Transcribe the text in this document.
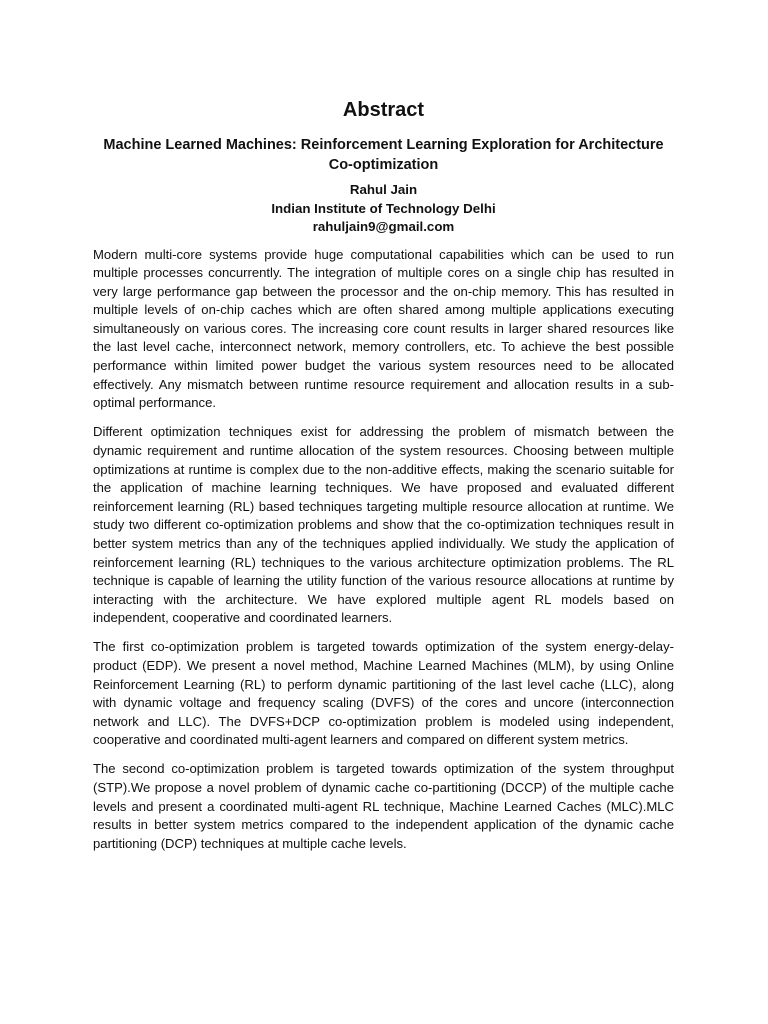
Abstract
Machine Learned Machines: Reinforcement Learning Exploration for Architecture Co-optimization
Rahul Jain
Indian Institute of Technology Delhi
rahuljain9@gmail.com

Modern multi-core systems provide huge computational capabilities which can be used to run multiple processes concurrently. The integration of multiple cores on a single chip has resulted in very large performance gap between the processor and the on-chip memory. This has resulted in multiple levels of on-chip caches which are often shared among multiple applications executing simultaneously on various cores. The increasing core count results in larger shared resources like the last level cache, interconnect network, memory controllers, etc. To achieve the best possible performance within limited power budget the various system resources need to be allocated effectively. Any mismatch between runtime resource requirement and allocation results in a sub-optimal performance.

Different optimization techniques exist for addressing the problem of mismatch between the dynamic requirement and runtime allocation of the system resources. Choosing between multiple optimizations at runtime is complex due to the non-additive effects, making the scenario suitable for the application of machine learning techniques. We have proposed and evaluated different reinforcement learning (RL) based techniques targeting multiple resource allocation at runtime. We study two different co-optimization problems and show that the co-optimization techniques result in better system metrics than any of the techniques applied individually. We study the application of reinforcement learning (RL) techniques to the various architecture optimization problems. The RL technique is capable of learning the utility function of the various resource allocations at runtime by interacting with the architecture. We have explored multiple agent RL models based on independent, cooperative and coordinated learners.

The first co-optimization problem is targeted towards optimization of the system energy-delay-product (EDP). We present a novel method, Machine Learned Machines (MLM), by using Online Reinforcement Learning (RL) to perform dynamic partitioning of the last level cache (LLC), along with dynamic voltage and frequency scaling (DVFS) of the cores and uncore (interconnection network and LLC). The DVFS+DCP co-optimization problem is modeled using independent, cooperative and coordinated multi-agent learners and compared on different system metrics.

The second co-optimization problem is targeted towards optimization of the system throughput (STP).We propose a novel problem of dynamic cache co-partitioning (DCCP) of the multiple cache levels and present a coordinated multi-agent RL technique, Machine Learned Caches (MLC).MLC results in better system metrics compared to the independent application of the dynamic cache partitioning (DCP) techniques at multiple cache levels.
